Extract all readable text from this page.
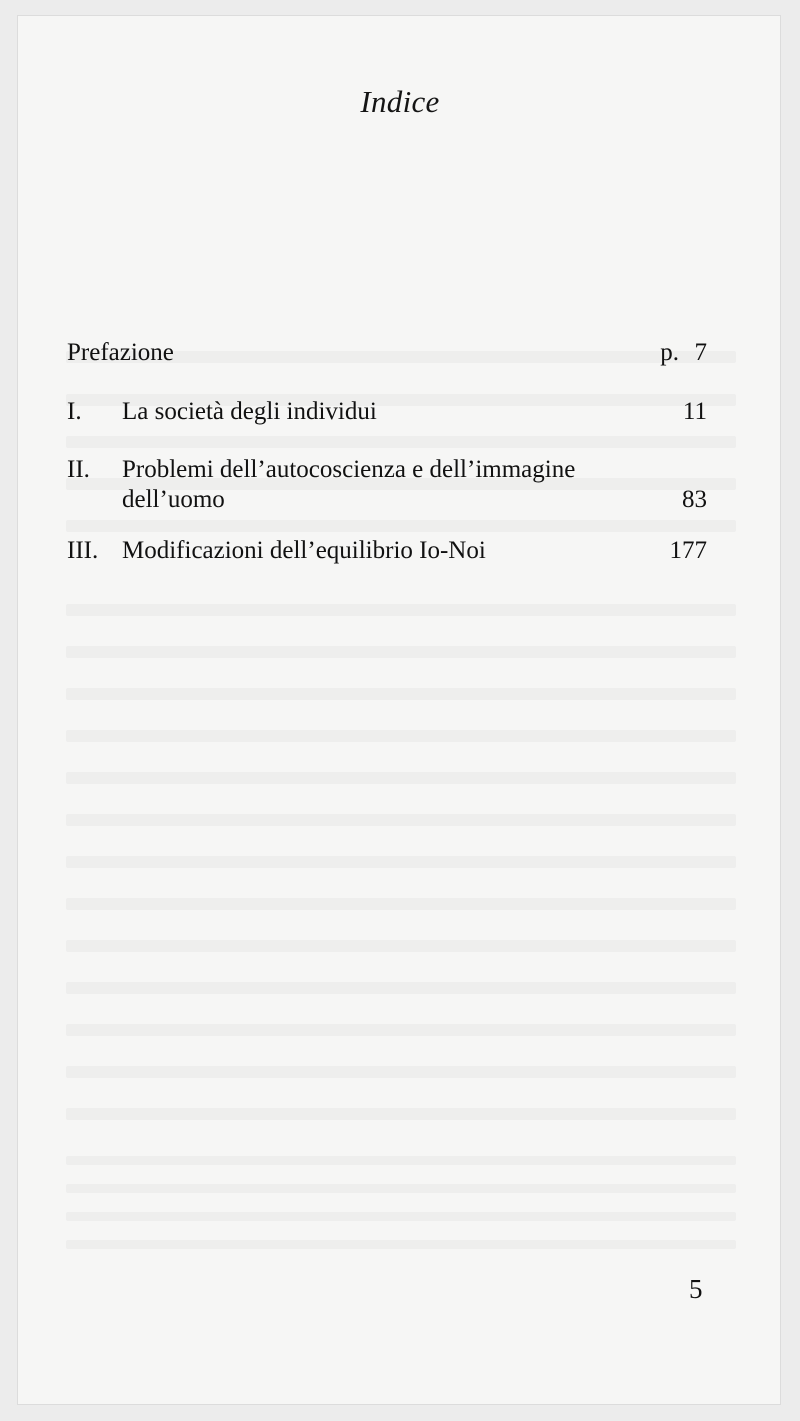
Indice
Prefazione	p. 7
I. La società degli individui	11
II. Problemi dell’autocoscienza e dell’immagine
dell’uomo	83
III. Modificazioni dell’equilibrio Io-Noi	177
5
